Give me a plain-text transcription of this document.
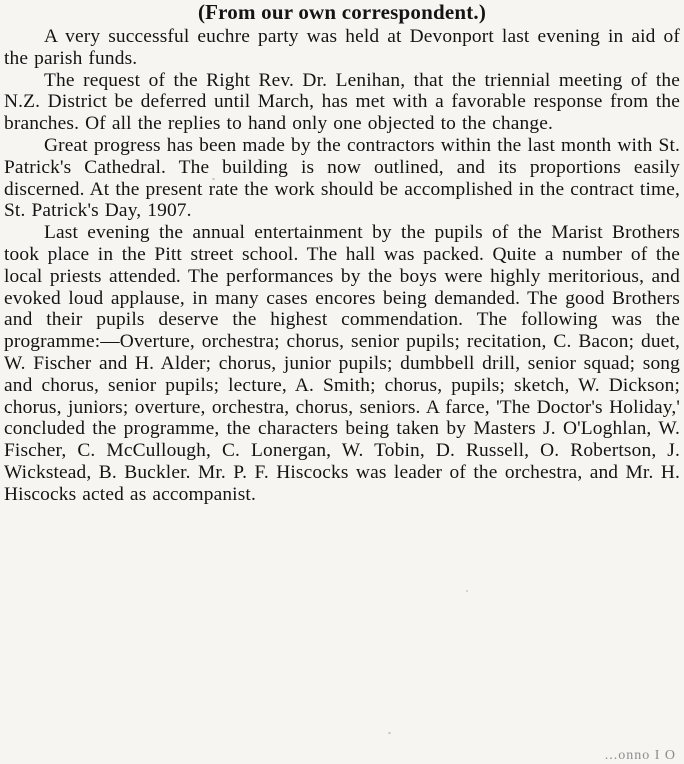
(From our own correspondent.)

A very successful euchre party was held at Devonport last evening in aid of the parish funds.

The request of the Right Rev. Dr. Lenihan, that the triennial meeting of the N.Z. District be deferred until March, has met with a favorable response from the branches. Of all the replies to hand only one objected to the change.

Great progress has been made by the contractors within the last month with St. Patrick's Cathedral. The building is now outlined, and its proportions easily discerned. At the present rate the work should be accomplished in the contract time, St. Patrick's Day, 1907.

Last evening the annual entertainment by the pupils of the Marist Brothers took place in the Pitt street school. The hall was packed. Quite a number of the local priests attended. The performances by the boys were highly meritorious, and evoked loud applause, in many cases encores being demanded. The good Brothers and their pupils deserve the highest commendation. The following was the programme:—Overture, orchestra; chorus, senior pupils; recitation, C. Bacon; duet, W. Fischer and H. Alder; chorus, junior pupils; dumbbell drill, senior squad; song and chorus, senior pupils; lecture, A. Smith; chorus, pupils; sketch, W. Dickson; chorus, juniors; overture, orchestra, chorus, seniors. A farce, 'The Doctor's Holiday,' concluded the programme, the characters being taken by Masters J. O'Loghlan, W. Fischer, C. McCullough, C. Lonergan, W. Tobin, D. Russell, O. Robertson, J. Wickstead, B. Buckler. Mr. P. F. Hiscocks was leader of the orchestra, and Mr. H. Hiscocks acted as accompanist.

...onno I O
